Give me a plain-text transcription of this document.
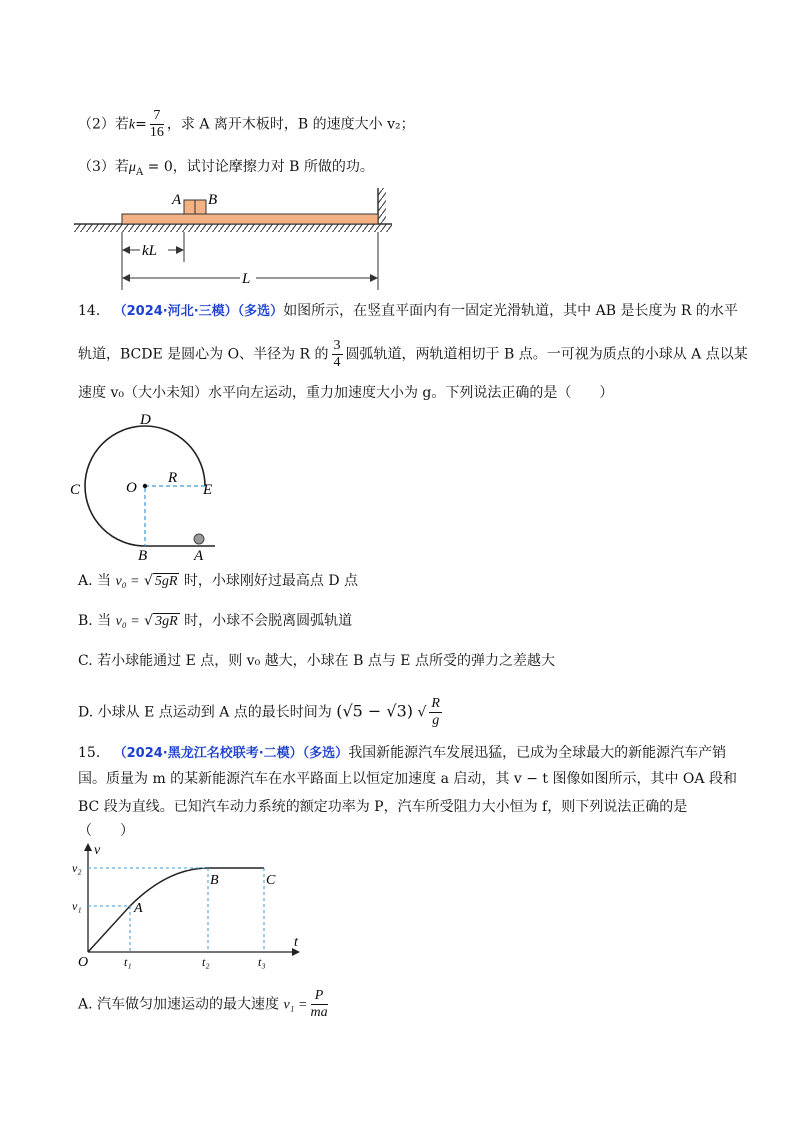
（2）若$k= \frac{7}{16}$ ，求 A 离开木板时，B 的速度大小 v₂；
（3）若$\mu_A = 0$，试讨论摩擦力对 B 所做的功。
A B
kL
L
14. （2024·河北·三模）（多选）如图所示，在竖直平面内有一固定光滑轨道，其中 AB 是长度为 R 的水平
轨道，BCDE 是圆心为 O、半径为 R 的 $\frac{3}{4}$ 圆弧轨道，两轨道相切于 B 点。一可视为质点的小球从 A 点以某
速度 v₀（大小未知）水平向左运动，重力加速度大小为 g。下列说法正确的是（　　）
D
C	O
R
E
B	A
A. 当 v₀ = √ 5gR 时，小球刚好过最高点 D 点
B. 当 v₀ = √ 3gR 时，小球不会脱离圆弧轨道
C. 若小球能通过 E 点，则 v₀ 越大，小球在 B 点与 E 点所受的弹力之差越大
D. 小球从 E 点运动到 A 点的最长时间为 (√5 − √3) √ $\frac{R}{g}$
15. （2024·黑龙江名校联考·二模）（多选）我国新能源汽车发展迅猛，已成为全球最大的新能源汽车产销
国。质量为 m 的某新能源汽车在水平路面上以恒定加速度 a 启动，其 v − t 图像如图所示，其中 OA 段和
BC 段为直线。已知汽车动力系统的额定功率为 P，汽车所受阻力大小恒为 f，则下列说法正确的是
（　　）
v
t
O
v₁
v₂
A
B	C
t₁	t₂	t₃
A. 汽车做匀加速运动的最大速度 $v_1 = \frac{P}{ma}$
